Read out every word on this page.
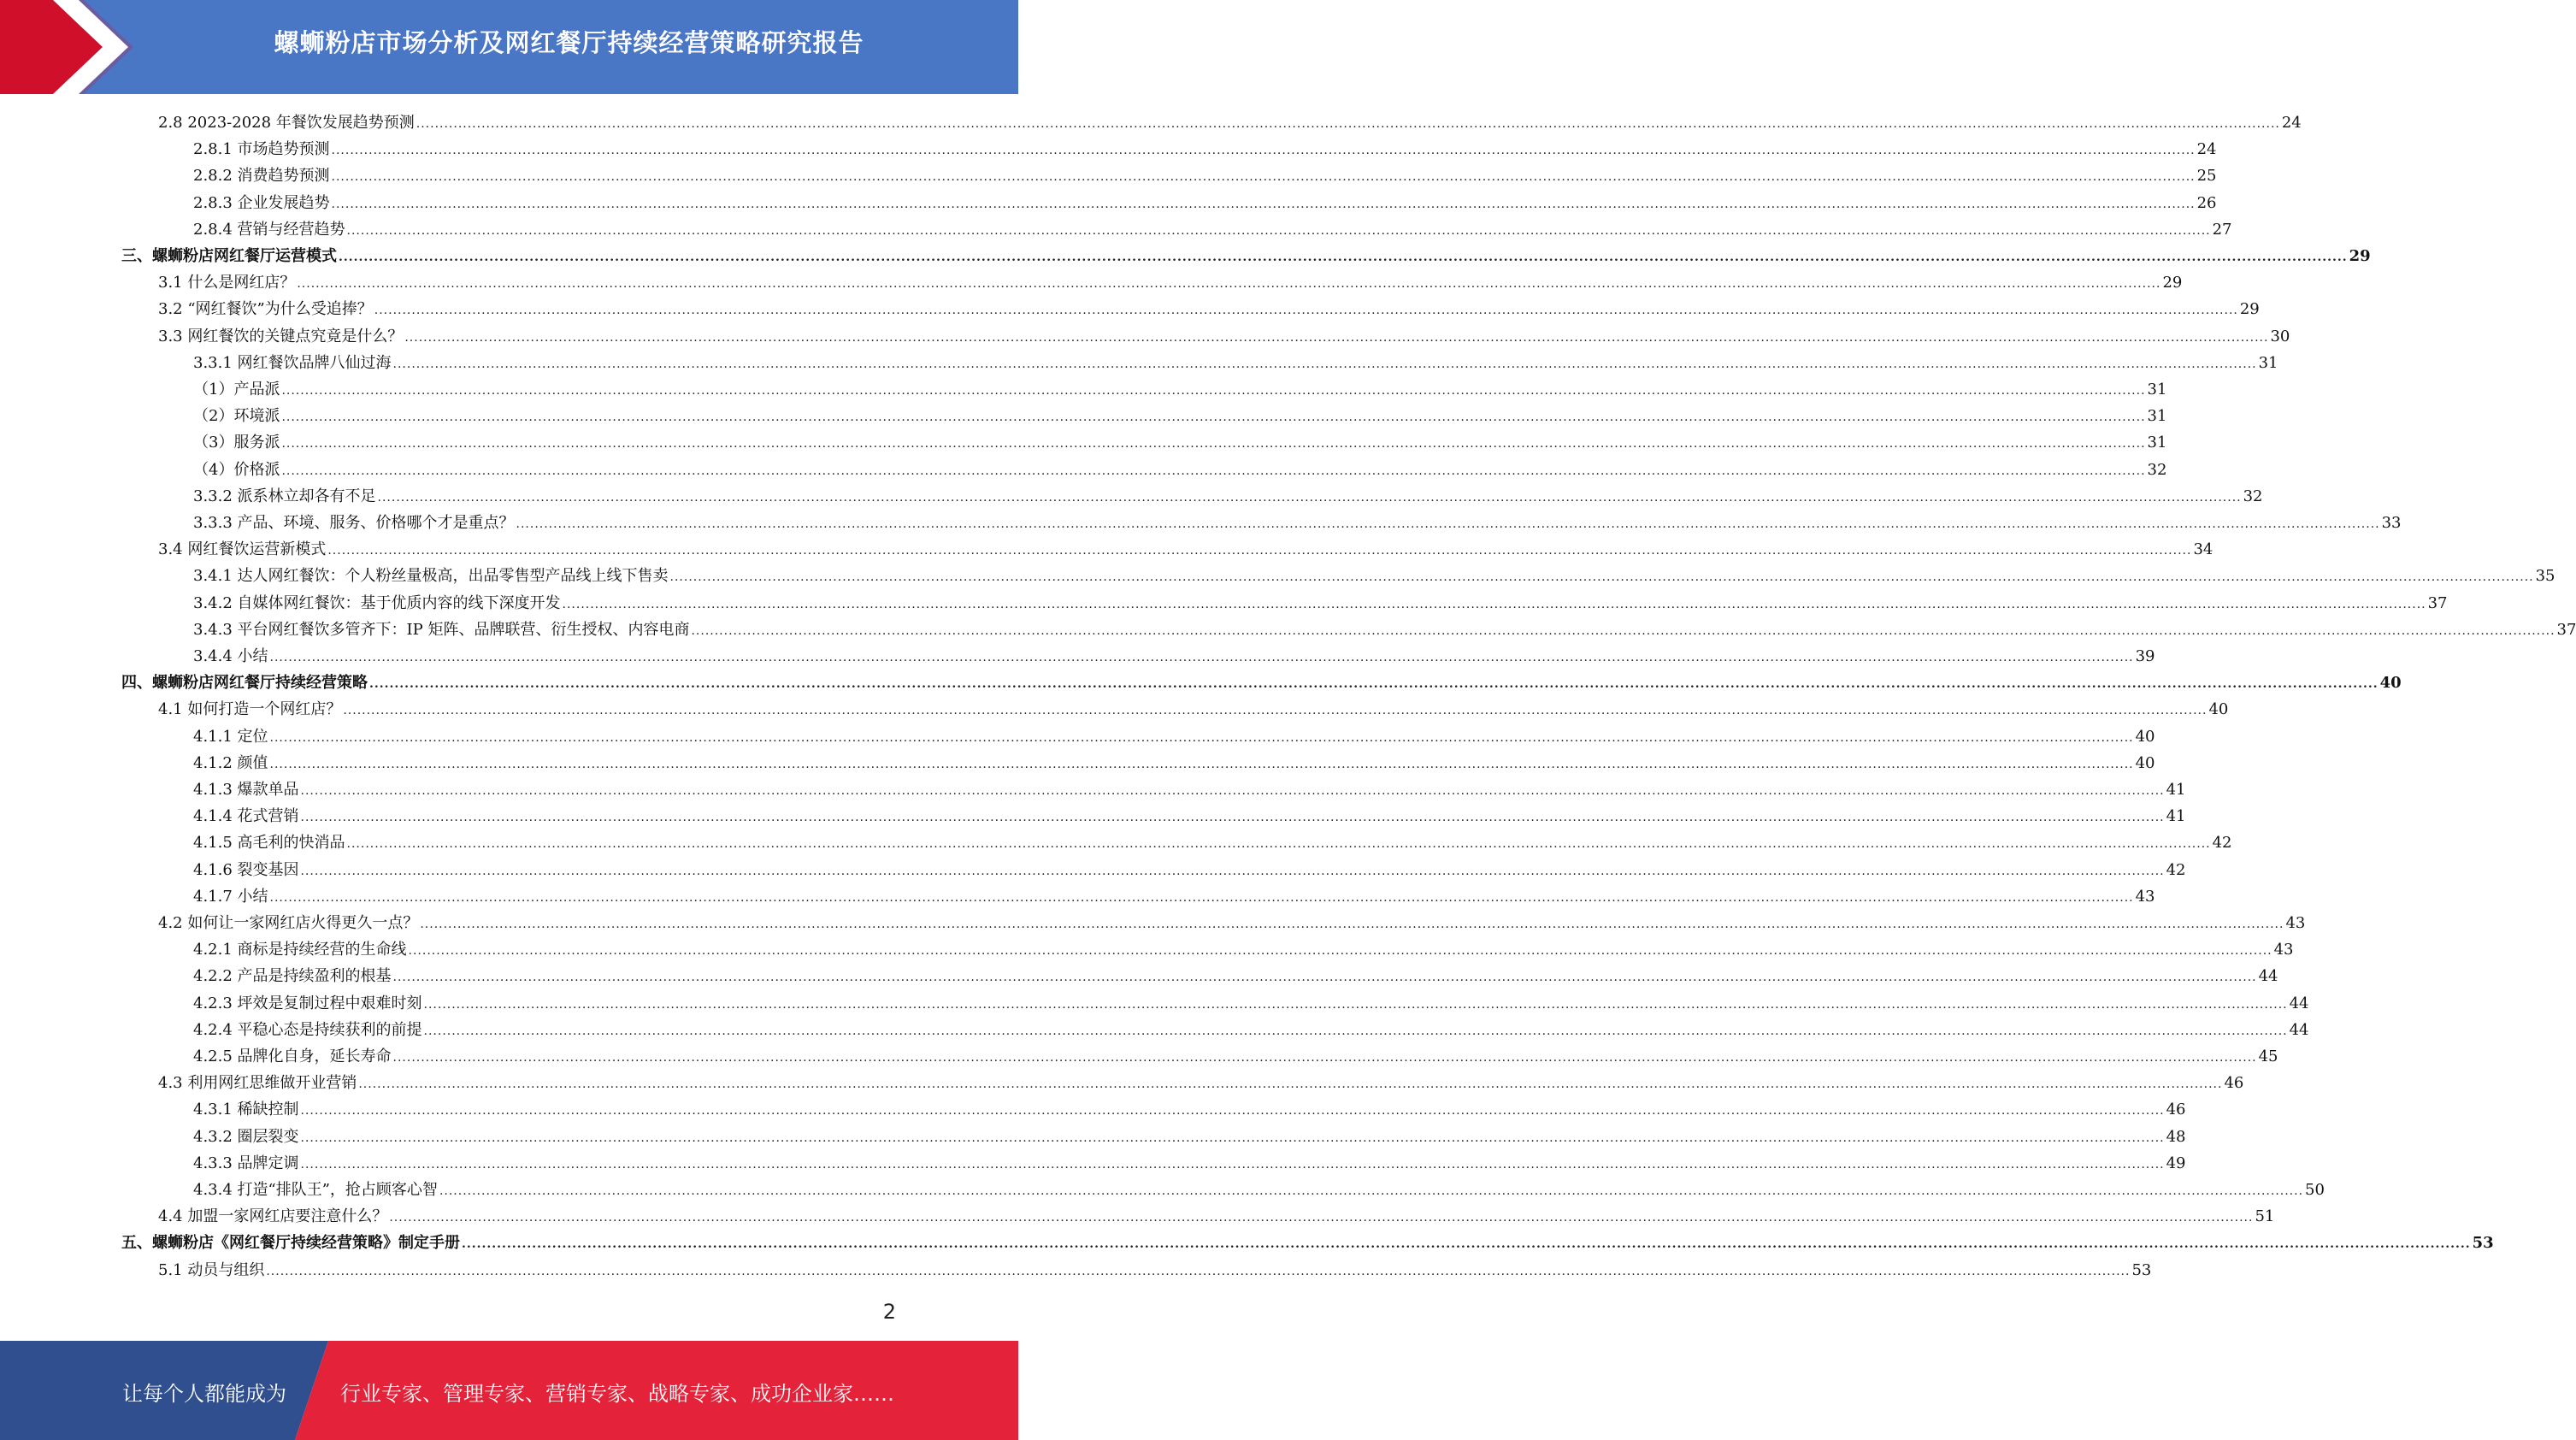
螺蛳粉店市场分析及网红餐厅持续经营策略研究报告
2.8 2023-2028 年餐饮发展趋势预测 ................................................................................................................................................................................................................................................................................................................................................................................................................ 24
2.8.1 市场趋势预测 ................................................................................................................................................................................................................................................................................................................................................................................................................ 24
2.8.2 消费趋势预测 ................................................................................................................................................................................................................................................................................................................................................................................................................ 25
2.8.3 企业发展趋势 ................................................................................................................................................................................................................................................................................................................................................................................................................ 26
2.8.4 营销与经营趋势 ................................................................................................................................................................................................................................................................................................................................................................................................................ 27
三、螺蛳粉店网红餐厅运营模式 ................................................................................................................................................................................................................................................................................................................................................................................................................ 29
3.1 什么是网红店？ ................................................................................................................................................................................................................................................................................................................................................................................................................ 29
3.2 “网红餐饮”为什么受追捧？ ................................................................................................................................................................................................................................................................................................................................................................................................................ 29
3.3 网红餐饮的关键点究竟是什么？ ................................................................................................................................................................................................................................................................................................................................................................................................................ 30
3.3.1 网红餐饮品牌八仙过海 ................................................................................................................................................................................................................................................................................................................................................................................................................ 31
（1）产品派 ................................................................................................................................................................................................................................................................................................................................................................................................................ 31
（2）环境派 ................................................................................................................................................................................................................................................................................................................................................................................................................ 31
（3）服务派 ................................................................................................................................................................................................................................................................................................................................................................................................................ 31
（4）价格派 ................................................................................................................................................................................................................................................................................................................................................................................................................ 32
3.3.2 派系林立却各有不足 ................................................................................................................................................................................................................................................................................................................................................................................................................ 32
3.3.3 产品、环境、服务、价格哪个才是重点？ ................................................................................................................................................................................................................................................................................................................................................................................................................ 33
3.4 网红餐饮运营新模式 ................................................................................................................................................................................................................................................................................................................................................................................................................ 34
3.4.1 达人网红餐饮：个人粉丝量极高，出品零售型产品线上线下售卖 ................................................................................................................................................................................................................................................................................................................................................................................................................ 35
3.4.2 自媒体网红餐饮：基于优质内容的线下深度开发 ................................................................................................................................................................................................................................................................................................................................................................................................................ 37
3.4.3 平台网红餐饮多管齐下：IP 矩阵、品牌联营、衍生授权、内容电商 ................................................................................................................................................................................................................................................................................................................................................................................................................ 37
3.4.4 小结 ................................................................................................................................................................................................................................................................................................................................................................................................................ 39
四、螺蛳粉店网红餐厅持续经营策略 ................................................................................................................................................................................................................................................................................................................................................................................................................ 40
4.1 如何打造一个网红店？ ................................................................................................................................................................................................................................................................................................................................................................................................................ 40
4.1.1 定位 ................................................................................................................................................................................................................................................................................................................................................................................................................ 40
4.1.2 颜值 ................................................................................................................................................................................................................................................................................................................................................................................................................ 40
4.1.3 爆款单品 ................................................................................................................................................................................................................................................................................................................................................................................................................ 41
4.1.4 花式营销 ................................................................................................................................................................................................................................................................................................................................................................................................................ 41
4.1.5 高毛利的快消品 ................................................................................................................................................................................................................................................................................................................................................................................................................ 42
4.1.6 裂变基因 ................................................................................................................................................................................................................................................................................................................................................................................................................ 42
4.1.7 小结 ................................................................................................................................................................................................................................................................................................................................................................................................................ 43
4.2 如何让一家网红店火得更久一点？ ................................................................................................................................................................................................................................................................................................................................................................................................................ 43
4.2.1 商标是持续经营的生命线 ................................................................................................................................................................................................................................................................................................................................................................................................................ 43
4.2.2 产品是持续盈利的根基 ................................................................................................................................................................................................................................................................................................................................................................................................................ 44
4.2.3 坪效是复制过程中艰难时刻 ................................................................................................................................................................................................................................................................................................................................................................................................................ 44
4.2.4 平稳心态是持续获利的前提 ................................................................................................................................................................................................................................................................................................................................................................................................................ 44
4.2.5 品牌化自身，延长寿命 ................................................................................................................................................................................................................................................................................................................................................................................................................ 45
4.3 利用网红思维做开业营销 ................................................................................................................................................................................................................................................................................................................................................................................................................ 46
4.3.1 稀缺控制 ................................................................................................................................................................................................................................................................................................................................................................................................................ 46
4.3.2 圈层裂变 ................................................................................................................................................................................................................................................................................................................................................................................................................ 48
4.3.3 品牌定调 ................................................................................................................................................................................................................................................................................................................................................................................................................ 49
4.3.4 打造“排队王”，抢占顾客心智 ................................................................................................................................................................................................................................................................................................................................................................................................................ 50
4.4 加盟一家网红店要注意什么？ ................................................................................................................................................................................................................................................................................................................................................................................................................ 51
五、螺蛳粉店《网红餐厅持续经营策略》制定手册 ................................................................................................................................................................................................................................................................................................................................................................................................................ 53
5.1 动员与组织 ................................................................................................................................................................................................................................................................................................................................................................................................................ 53
2
让每个人都能成为	行业专家、管理专家、营销专家、战略专家、成功企业家……
